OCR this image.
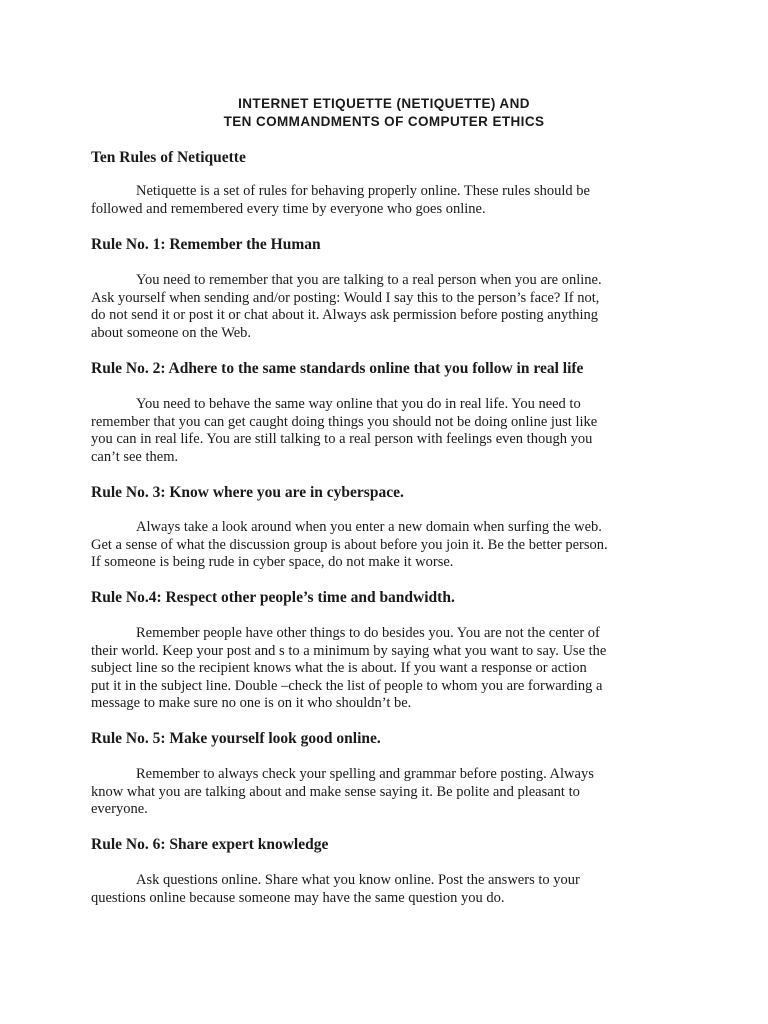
INTERNET ETIQUETTE (NETIQUETTE) AND
TEN COMMANDMENTS OF COMPUTER ETHICS
Ten Rules of Netiquette
Netiquette is a set of rules for behaving properly online. These rules should be
followed and remembered every time by everyone who goes online.
Rule No. 1: Remember the Human
You need to remember that you are talking to a real person when you are online.
Ask yourself when sending and/or posting: Would I say this to the person’s face? If not,
do not send it or post it or chat about it. Always ask permission before posting anything
about someone on the Web.
Rule No. 2: Adhere to the same standards online that you follow in real life
You need to behave the same way online that you do in real life. You need to
remember that you can get caught doing things you should not be doing online just like
you can in real life. You are still talking to a real person with feelings even though you
can’t see them.
Rule No. 3: Know where you are in cyberspace.
Always take a look around when you enter a new domain when surfing the web.
Get a sense of what the discussion group is about before you join it. Be the better person.
If someone is being rude in cyber space, do not make it worse.
Rule No.4: Respect other people’s time and bandwidth.
Remember people have other things to do besides you. You are not the center of
their world. Keep your post and s to a minimum by saying what you want to say. Use the
subject line so the recipient knows what the is about. If you want a response or action
put it in the subject line. Double –check the list of people to whom you are forwarding a
message to make sure no one is on it who shouldn’t be.
Rule No. 5: Make yourself look good online.
Remember to always check your spelling and grammar before posting. Always
know what you are talking about and make sense saying it. Be polite and pleasant to
everyone.
Rule No. 6: Share expert knowledge
Ask questions online. Share what you know online. Post the answers to your
questions online because someone may have the same question you do.
